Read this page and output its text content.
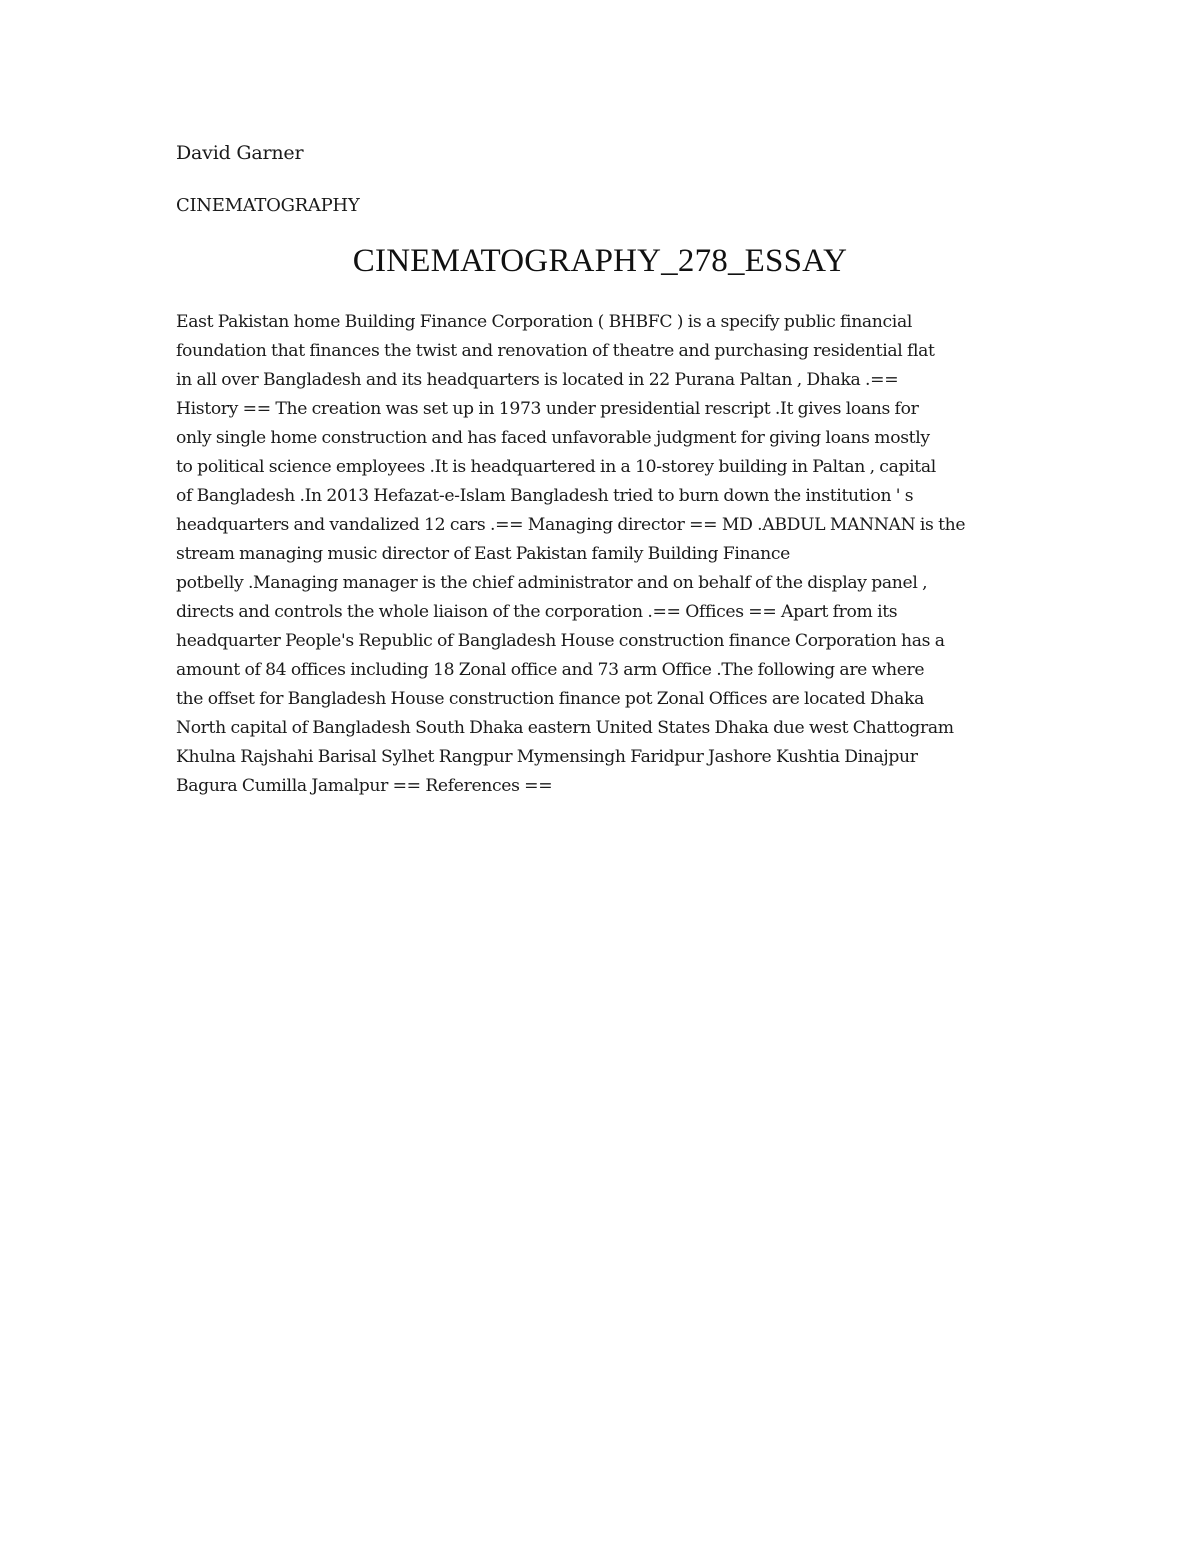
David Garner
CINEMATOGRAPHY
CINEMATOGRAPHY_278_ESSAY
East Pakistan home Building Finance Corporation ( BHBFC ) is a specify public financial
foundation that finances the twist and renovation of theatre and purchasing residential flat
in all over Bangladesh and its headquarters is located in 22 Purana Paltan , Dhaka .==
History == The creation was set up in 1973 under presidential rescript .It gives loans for
only single home construction and has faced unfavorable judgment for giving loans mostly
to political science employees .It is headquartered in a 10-storey building in Paltan , capital
of Bangladesh .In 2013 Hefazat-e-Islam Bangladesh tried to burn down the institution ' s
headquarters and vandalized 12 cars .== Managing director == MD .ABDUL MANNAN is the
stream managing music director of East Pakistan family Building Finance
potbelly .Managing manager is the chief administrator and on behalf of the display panel ,
directs and controls the whole liaison of the corporation .== Offices == Apart from its
headquarter People's Republic of Bangladesh House construction finance Corporation has a
amount of 84 offices including 18 Zonal office and 73 arm Office .The following are where
the offset for Bangladesh House construction finance pot Zonal Offices are located Dhaka
North capital of Bangladesh South Dhaka eastern United States Dhaka due west Chattogram
Khulna Rajshahi Barisal Sylhet Rangpur Mymensingh Faridpur Jashore Kushtia Dinajpur
Bagura Cumilla Jamalpur == References ==
